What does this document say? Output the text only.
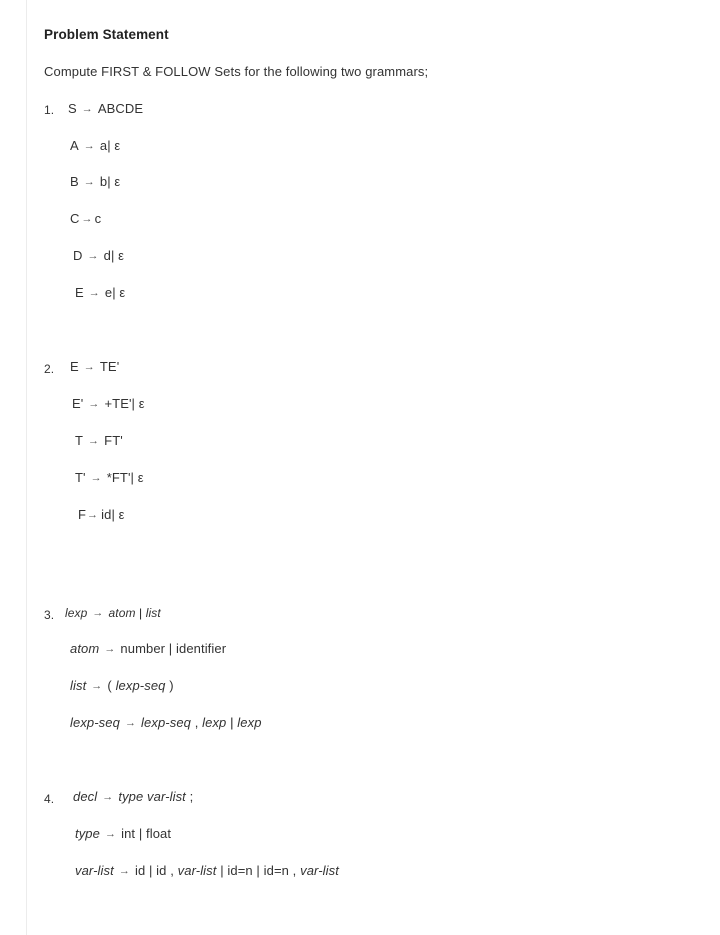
Problem Statement
Compute FIRST & FOLLOW Sets for the following two grammars;
1. S → ABCDE
A → a| ε
B → b| ε
C → c
D → d| ε
E → e| ε
2. E → TE'
E' → +TE'| ε
T → FT'
T' → *FT'| ε
F→ id| ε
3. lexp → atom | list
atom → number | identifier
list → ( lexp-seq )
lexp-seq → lexp-seq , lexp | lexp
4. decl → type var-list ;
type → int | float
var-list → id | id , var-list | id=n | id=n , var-list
